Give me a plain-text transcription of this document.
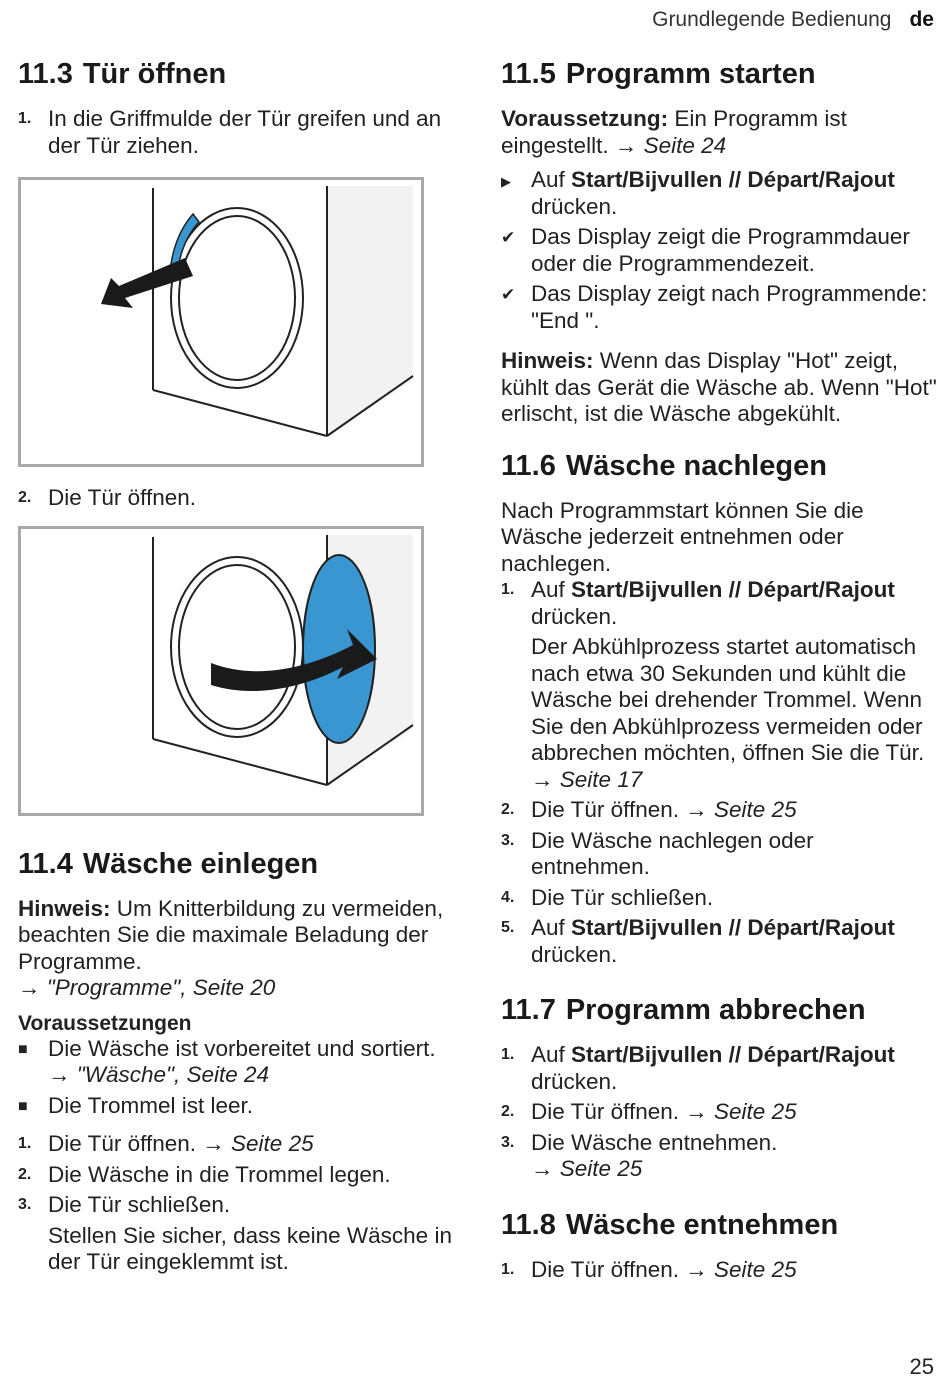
Grundlegende Bedienung de
11.3 Tür öffnen
1. In die Griffmulde der Tür greifen und an der Tür ziehen.
2. Die Tür öffnen.
11.4 Wäsche einlegen

Hinweis: Um Knitterbildung zu vermeiden, beachten Sie die maximale Beladung der Programme.

→ "Programme", Seite 20

Voraussetzungen

■ Die Wäsche ist vorbereitet und sortiert.
→ "Wäsche", Seite 24
■ Die Trommel ist leer.
1. Die Tür öffnen. → Seite 25
2. Die Wäsche in die Trommel legen.
3. Die Tür schließen.
Stellen Sie sicher, dass keine Wäsche in der Tür eingeklemmt ist.
11.5 Programm starten

Voraussetzung: Ein Programm ist eingestellt. → Seite 24

▶ Auf Start/Bijvullen // Départ/Rajout drücken.
✔ Das Display zeigt die Programmdauer oder die Programmendezeit.
✔ Das Display zeigt nach Programmende: "End ".

Hinweis: Wenn das Display "Hot" zeigt, kühlt das Gerät die Wäsche ab. Wenn "Hot" erlischt, ist die Wäsche abgekühlt.

11.6 Wäsche nachlegen

Nach Programmstart können Sie die Wäsche jederzeit entnehmen oder nachlegen.

1. Auf Start/Bijvullen // Départ/Rajout drücken.
Der Abkühlprozess startet automatisch nach etwa 30 Sekunden und kühlt die Wäsche bei drehender Trommel. Wenn Sie den Abkühlprozess vermeiden oder abbrechen möchten, öffnen Sie die Tür.
→ Seite 17
2. Die Tür öffnen. → Seite 25
3. Die Wäsche nachlegen oder entnehmen.
4. Die Tür schließen.
5. Auf Start/Bijvullen // Départ/Rajout drücken.
11.7 Programm abbrechen
1. Auf Start/Bijvullen // Départ/Rajout drücken.
2. Die Tür öffnen. → Seite 25
3. Die Wäsche entnehmen.
→ Seite 25
11.8 Wäsche entnehmen
1. Die Tür öffnen. → Seite 25
25
